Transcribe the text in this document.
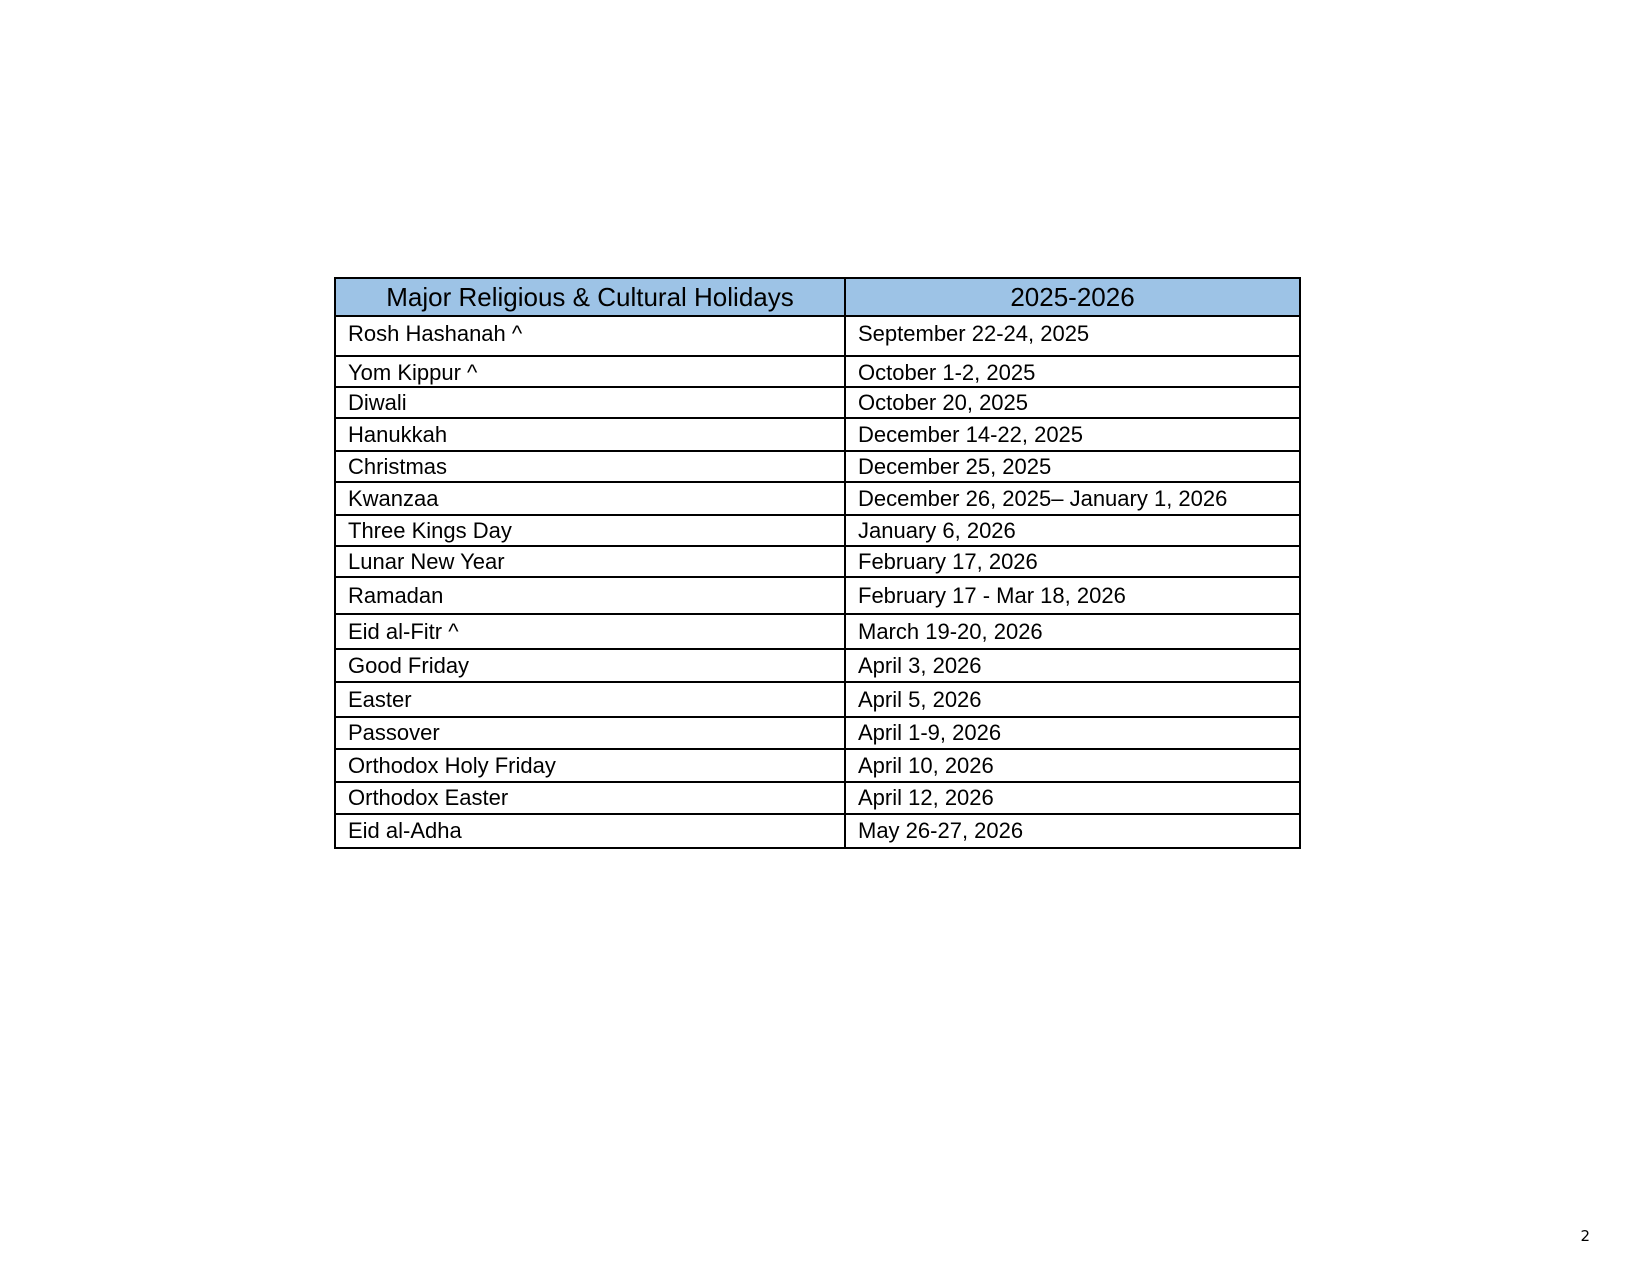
Major Religious & Cultural Holidays	2025-2026
Rosh Hashanah ^	September 22-24, 2025
Yom Kippur ^	October 1-2, 2025
Diwali	October 20, 2025
Hanukkah	December 14-22, 2025
Christmas	December 25, 2025
Kwanzaa	December 26, 2025– January 1, 2026
Three Kings Day	January 6, 2026
Lunar New Year	February 17, 2026
Ramadan	February 17 - Mar 18, 2026
Eid al-Fitr ^	March 19-20, 2026
Good Friday	April 3, 2026
Easter	April 5, 2026
Passover	April 1-9, 2026
Orthodox Holy Friday	April 10, 2026
Orthodox Easter	April 12, 2026
Eid al-Adha	May 26-27, 2026
2
